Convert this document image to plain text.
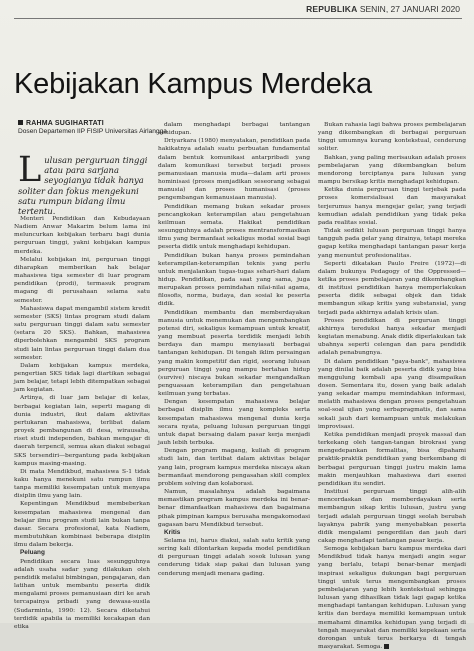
REPUBLIKA SENIN, 27 JANUARI 2020
Kebijakan Kampus Merdeka
RAHMA SUGIHARTATI
Dosen Departemen IIP FISIP Universitas Airlangga
Lulusan perguruan tinggi atau para sarjana seyogianya tidak hanya soliter dan fokus mengekuni satu rumpun bidang ilmu tertentu.

Menteri Pendidikan dan Kebudayaan Nadiem Anwar Makarim belum lama ini meluncurkan kebijakan terbaru bagi dunia perguruan tinggi, yakni kebijakan kampus merdeka.

Melalui kebijakan ini, perguruan tinggi diharapkan memberikan hak belajar mahasiswa tiga semester di luar program pendidikan (prodi), termasuk program magang di perusahaan selama satu semester.

Mahasiswa dapat mengambil sistem kredit semester (SKS) lintas program studi dalam satu perguruan tinggi dalam satu semester (setara 20 SKS). Bahkan, mahasiswa diperbolehkan mengambil SKS program studi lain lintas perguruan tinggi dalam dua semester.

Dalam kebijakan kampus merdeka, pengertian SKS tidak lagi diartikan sebagai jam belajar, tetapi lebih ditempatkan sebagai jam kegiatan.

Artinya, di luar jam belajar di kelas, berbagai kegiatan lain, seperti magang di dunia industri, ikut dalam aktivitas pertukaran mahasiswa, terlibat dalam proyek pembangunan di desa, wirausaha, riset studi independen, bahkan mengajar di daerah terpencil, semua akan diakui sebagai SKS tersendiri—bergantung pada kebijakan kampus masing-masing.

Di mata Mendikbud, mahasiswa S-1 tidak kaku hanya menekuni satu rumpun ilmu tanpa memiliki kesempatan untuk menyapa disiplin ilmu yang lain.

Kepentingan Mendikbud membeberkan kesempatan mahasiswa mengenal dan belajar ilmu program studi lain bukan tanpa dasar. Secara profesional, kata Nadiem, membutuhkan kombinasi beberapa disiplin ilmu dalam bekerja.

Peluang

Pendidikan secara luas sesungguhnya adalah usaha sadar yang dilakukan oleh pendidik melalui bimbingan, pengajaran, dan latihan untuk membantu peserta didik mengalami proses pemanusiaan diri ke arah tercapainya pribadi yang dewasa-susila (Sudarminta, 1990: 12). Secara diketahui terdidik apabila ia memiliki kecakapan dan etika

dalam menghadapi berbagai tantangan kehidupan.

Driyarkara (1980) menyatakan, pendidikan pada hakikatnya adalah suatu perbuatan fundamental dalam bentuk komunikasi antarpribadi yang dalam komunikasi tersebut terjadi proses pemanusiaan manusia muda—dalam arti proses hominisasi (proses menjadikan seseorang sebagai manusia) dan proses humanisasi (proses pengembangan kemanusiaan manusia).

Pendidikan memang bukan sekadar proses pencangkokan keterampilan atau pengetahuan keilmuan semata. Hakikat pendidikan sesungguhnya adalah proses mentransformasikan ilmu yang bermanfaat sekaligus modal sosial bagi peserta didik untuk menghadapi kehidupan.

Pendidikan bukan hanya proses pemindahan keterampilan-keterampilan teknis yang perlu untuk menjalankan tugas-tugas sehari-hari dalam hidup. Pendidikan, pada saat yang sama, juga merupakan proses pemindahan nilai-nilai agama, filosofis, norma, budaya, dan sosial ke peserta didik.

Pendidikan membantu dan memberdayakan manusia untuk menemukan dan mengembangkan potensi diri, sekaligus kemampuan untuk kreatif, yang membuat peserta terdidik menjadi lebih berdaya dan mampu menyiasati berbagai tantangan kehidupan. Di tengah iklim persaingan yang makin kompetitif dan rigid, seorang lulusan perguruan tinggi yang mampu bertahan hidup (survive) niscaya bukan sekadar mengandalkan penguasaan keterampilan dan pengetahuan keilmuan yang terbatas.

Dengan kesempatan mahasiswa belajar berbagai disiplin ilmu yang kompleks serta kesempatan mahasiswa mengenal dunia kerja secara nyata, peluang lulusan perguruan tinggi untuk dapat bersaing dalam pasar kerja menjadi jauh lebih terbuka.

Dengan program magang, kuliah di program studi lain, dan terlibat dalam aktivitas belajar yang lain, program kampus merdeka niscaya akan bermanfaat mendorong pengasahan skill complex problem solving dan kolaborasi.

Namun, masalahnya adalah bagaimana memastikan program kampus merdeka ini benar-benar dimanfaatkan mahasiswa dan bagaimana pihak pimpinan kampus berusaha mengakomodasi gagasan baru Mendikbud tersebut.

Kritis

Selama ini, harus diakui, salah satu kritik yang sering kali dilontarkan kepada model pendidikan di perguruan tinggi adalah sosok lulusan yang cenderung tidak siap pakai dan lulusan yang cenderung menjadi menara gading.

Bukan rahasia lagi bahwa proses pembelajaran yang dikembangkan di berbagai perguruan tinggi umumnya kurang kontekstual, cenderung soliter.

Bahkan, yang paling merisaukan adalah proses pembelajaran yang dikembangkan belum mendorong terciptanya para lulusan yang mampu bersikap kritis menghadapi kehidupan.

Ketika dunia perguruan tinggi terjebak pada proses komersialisasi dan masyarakat terjerumus hanya mengejar gelar, yang terjadi kemudian adalah pendidikan yang tidak peka pada realitas sosial.

Tidak sedikit lulusan perguruan tinggi hanya tangguh pada gelar yang dirainya, tetapi mereka gagap ketika menghadapi tantangan pasar kerja yang menuntut profesionalitas.

Seperti dikatakan Paulo Freire (1972)—di dalam bukunya Pedagogy of the Oppressed—ketika proses pembelajaran yang dikembangkan di institusi pendidikan hanya memperlakukan peserta didik sebagai objek dan tidak membangun sikap kritis yang substansial, yang terjadi pada akhirnya adalah krisis ulan.

Proses pendidikan di perguruan tinggi akhirnya tereduksi hanya sekadar menjadi kegiatan menabung. Anak didik diperlakukan tak ubahnya seperti celengan dan para pendidik adalah penabungnya.

Di dalam pendidikan "gaya-bank", mahasiswa yang dinilai baik adalah peserta didik yang bisa menggulung kembali apa yang disampaikan dosen. Sementara itu, dosen yang baik adalah yang sekadar mampu memindahkan informasi, melatih mahasiswa dengan proses pengetahuan soal-soal ujian yang serbapragmatis, dan sama sekali jauh dari kemampuan untuk melakukan improvisasi.

Ketika pendidikan menjadi proyek massal dan terkekang oleh tangan-tangan birokrasi yang mengedepankan formalitas, bisa dipahami praktik-praktik pendidikan yang berkembang di berbagai perguruan tinggi justru makin lama makin menjauhkan mahasiswa dari esensi pendidikan itu sendiri.

Institusi perguruan tinggi alih-alih mencerdaskan dan memberdayakan serta membangun sikap kritis lulusan, justru yang terjadi adalah perguruan tinggi seolah berubah layaknya pabrik yang menyebabkan peserta didik mengalami pengerdilan dan jauh dari cakap menghadapi tantangan pasar kerja.

Semoga kebijakan baru kampus merdeka dari Mendikbud tidak hanya menjadi angin segar yang berlalu, tetapi benar-benar menjadi inspirasi sekaligus dukungan bagi perguruan tinggi untuk terus mengembangkan proses pembelajaran yang lebih kontekstual sehingga lulusan yang dihasilkan tidak lagi gagap ketika menghadapi tantangan kehidupan. Lulusan yang kritis dan berdaya memiliki kemampuan untuk memahami dinamika kehidupan yang terjadi di tengah masyarakat dan memiliki kepekaan serta dorongan untuk terus berkarya di tengah masyarakat. Semoga.
